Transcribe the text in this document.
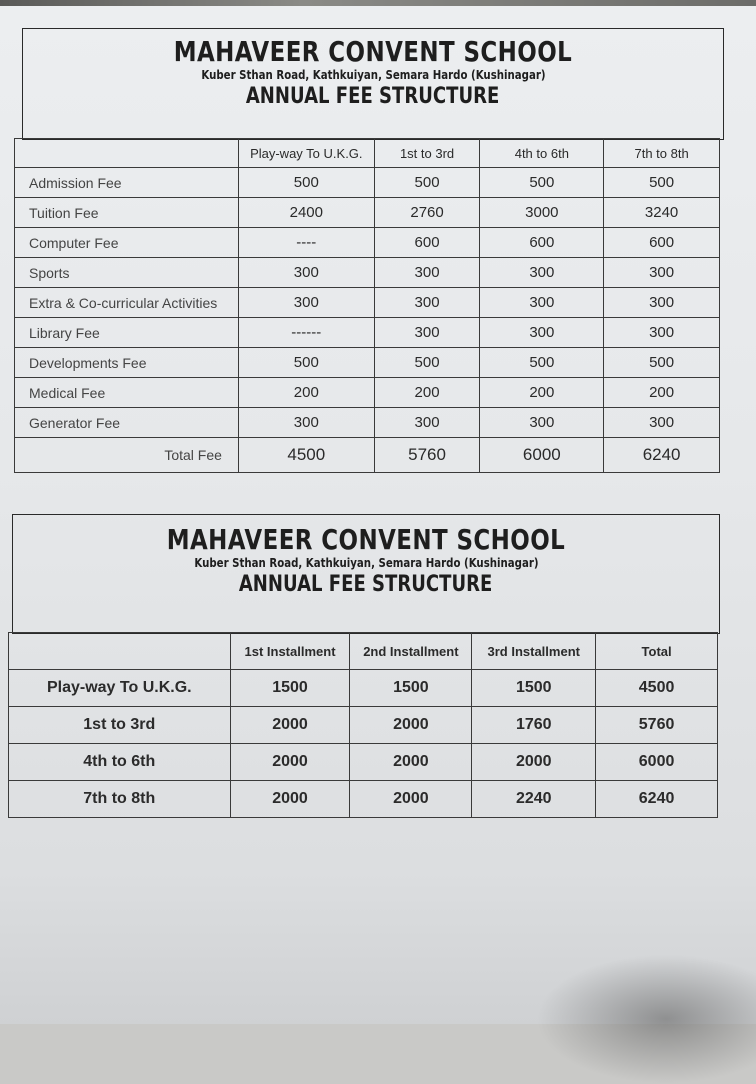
MAHAVEER CONVENT SCHOOL
Kuber Sthan Road, Kathkuiyan, Semara Hardo (Kushinagar)
ANNUAL FEE STRUCTURE
	Play-way To U.K.G.	1st to 3rd	4th to 6th	7th to 8th
Admission Fee	500	500	500	500
Tuition Fee	2400	2760	3000	3240
Computer Fee	----	600	600	600
Sports	300	300	300	300
Extra & Co-curricular Activities	300	300	300	300
Library Fee	------	300	300	300
Developments Fee	500	500	500	500
Medical Fee	200	200	200	200
Generator Fee	300	300	300	300
Total Fee	4500	5760	6000	6240
MAHAVEER CONVENT SCHOOL
Kuber Sthan Road, Kathkuiyan, Semara Hardo (Kushinagar)
ANNUAL FEE STRUCTURE
	1st Installment	2nd Installment	3rd Installment	Total
Play-way To U.K.G.	1500	1500	1500	4500
1st to 3rd	2000	2000	1760	5760
4th to 6th	2000	2000	2000	6000
7th to 8th	2000	2000	2240	6240
